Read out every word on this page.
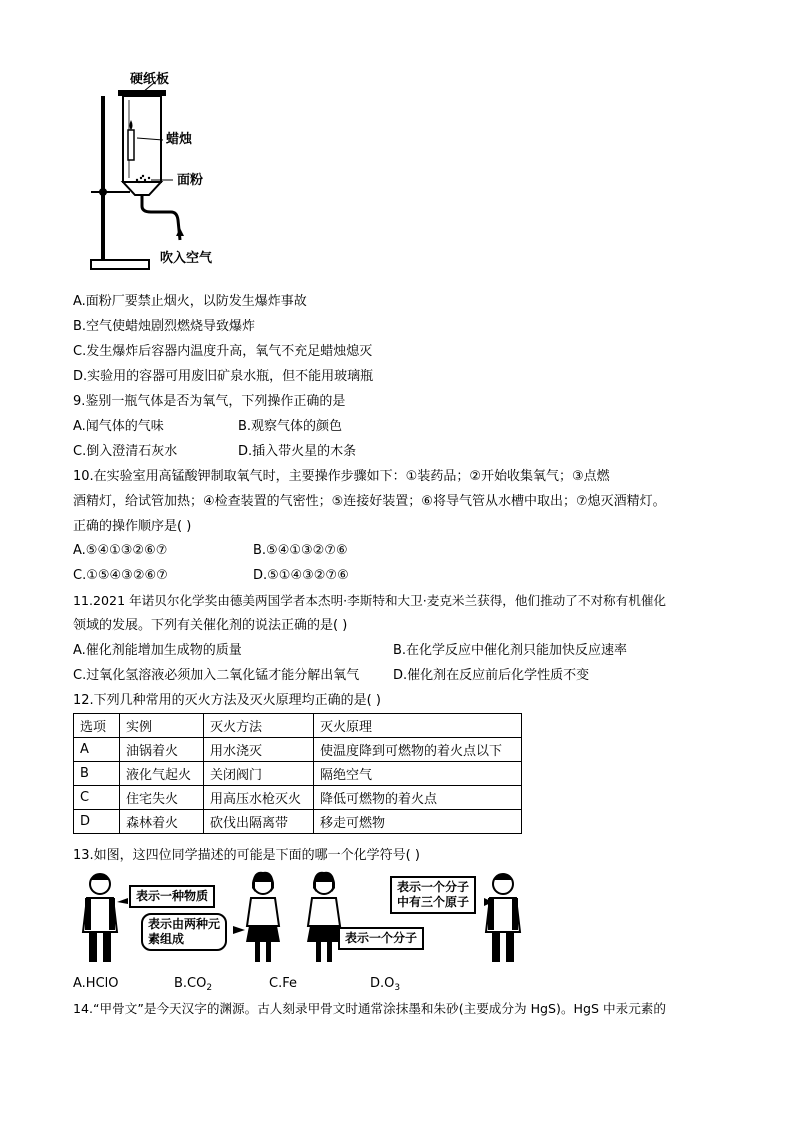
硬纸板
蜡烛
面粉
吹入空气
A.面粉厂要禁止烟火，以防发生爆炸事故
B.空气使蜡烛剧烈燃烧导致爆炸
C.发生爆炸后容器内温度升高，氧气不充足蜡烛熄灭
D.实验用的容器可用废旧矿泉水瓶，但不能用玻璃瓶
9.鉴别一瓶气体是否为氧气，下列操作正确的是
A.闻气体的气味	B.观察气体的颜色
C.倒入澄清石灰水	D.插入带火星的木条
10.在实验室用高锰酸钾制取氧气时，主要操作步骤如下：①装药品；②开始收集氧气；③点燃
酒精灯，给试管加热；④检查装置的气密性；⑤连接好装置；⑥将导气管从水槽中取出；⑦熄灭酒精灯。
正确的操作顺序是( )
A.⑤④①③②⑥⑦	B.⑤④①③②⑦⑥
C.①⑤④③②⑥⑦	D.⑤①④③②⑦⑥
11.2021 年诺贝尔化学奖由德美两国学者本杰明·李斯特和大卫·麦克米兰获得，他们推动了不对称有机催化
领域的发展。下列有关催化剂的说法正确的是( )
A.催化剂能增加生成物的质量	B.在化学反应中催化剂只能加快反应速率
C.过氧化氢溶液必须加入二氧化锰才能分解出氧气	D.催化剂在反应前后化学性质不变
12.下列几种常用的灭火方法及灭火原理均正确的是( )
选项	实例	灭火方法	灭火原理
A	油锅着火	用水浇灭	使温度降到可燃物的着火点以下
B	液化气起火	关闭阀门	隔绝空气
C	住宅失火	用高压水枪灭火	降低可燃物的着火点
D	森林着火	砍伐出隔离带	移走可燃物
13.如图，这四位同学描述的可能是下面的哪一个化学符号( )
表示一种物质
表示由两种元
素组成	表示一个分子
表示一个分子
中有三个原子
A.HClO	$B.CO_2$	C.Fe	$D.O_3$
14.“甲骨文”是今天汉字的渊源。古人刻录甲骨文时通常涂抹墨和朱砂(主要成分为 HgS)。HgS 中汞元素的
